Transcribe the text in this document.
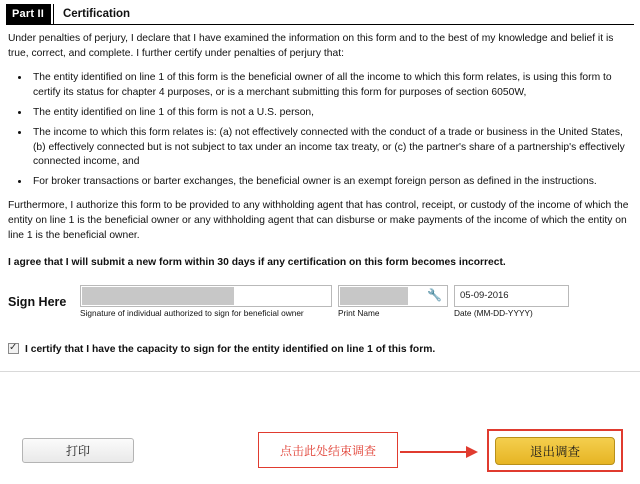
Part II	Certification
Under penalties of perjury, I declare that I have examined the information on this form and to the best of my knowledge and belief it is true, correct, and complete. I further certify under penalties of perjury that:
• The entity identified on line 1 of this form is the beneficial owner of all the income to which this form relates, is using this form to certify its status for chapter 4 purposes, or is a merchant submitting this form for purposes of section 6050W,
• The entity identified on line 1 of this form is not a U.S. person,
• The income to which this form relates is: (a) not effectively connected with the conduct of a trade or business in the United States, (b) effectively connected but is not subject to tax under an income tax treaty, or (c) the partner's share of a partnership's effectively connected income, and
• For broker transactions or barter exchanges, the beneficial owner is an exempt foreign person as defined in the instructions.
Furthermore, I authorize this form to be provided to any withholding agent that has control, receipt, or custody of the income of which the entity on line 1 is the beneficial owner or any withholding agent that can disburse or make payments of the income of which the entity on line 1 is the beneficial owner.
I agree that I will submit a new form within 30 days if any certification on this form becomes incorrect.
Sign Here
Signature of individual authorized to sign for beneficial owner
🔧
Print Name
05-09-2016
Date (MM-DD-YYYY)
✓
I certify that I have the capacity to sign for the entity identified on line 1 of this form.
打印	点击此处结束调查	退出调查
